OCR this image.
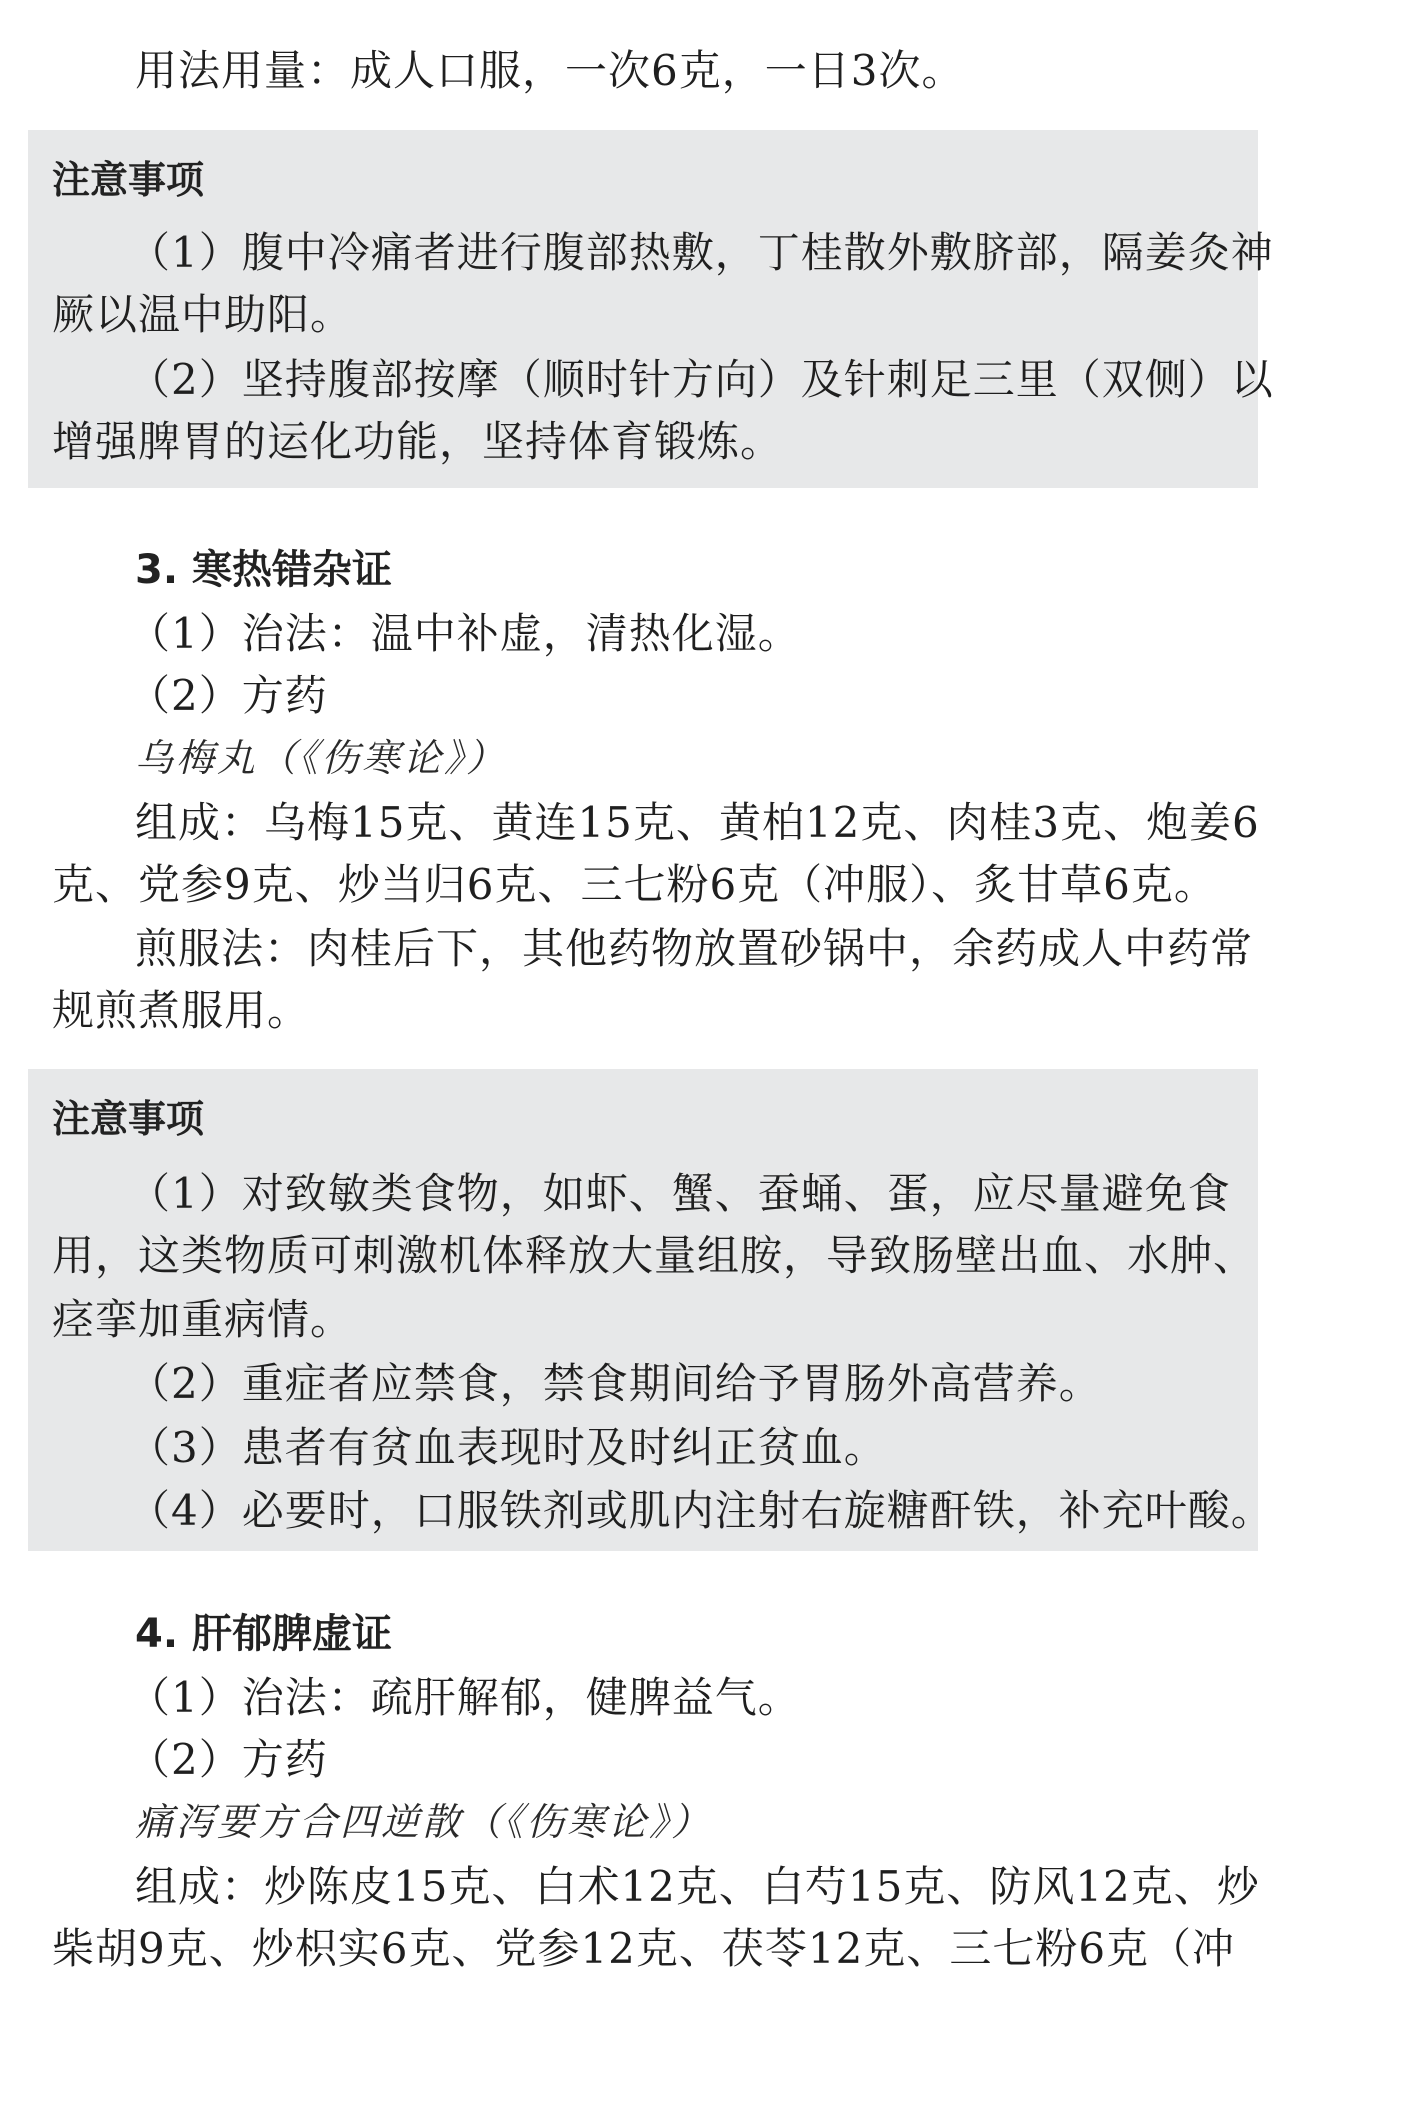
用法用量：成人口服，一次6克，一日3次。

注意事项

（1）腹中冷痛者进行腹部热敷，丁桂散外敷脐部，隔姜灸神

厥以温中助阳。

（2）坚持腹部按摩（顺时针方向）及针刺足三里（双侧）以

增强脾胃的运化功能，坚持体育锻炼。

3. 寒热错杂证

（1）治法：温中补虚，清热化湿。

（2）方药

乌梅丸（《伤寒论》）

组成：乌梅15克、黄连15克、黄柏12克、肉桂3克、炮姜6

克、党参9克、炒当归6克、三七粉6克（冲服）、炙甘草6克。

煎服法：肉桂后下，其他药物放置砂锅中，余药成人中药常

规煎煮服用。

注意事项

（1）对致敏类食物，如虾、蟹、蚕蛹、蛋，应尽量避免食

用，这类物质可刺激机体释放大量组胺，导致肠壁出血、水肿、

痉挛加重病情。

（2）重症者应禁食，禁食期间给予胃肠外高营养。

（3）患者有贫血表现时及时纠正贫血。

（4）必要时，口服铁剂或肌内注射右旋糖酐铁，补充叶酸。

4. 肝郁脾虚证

（1）治法：疏肝解郁，健脾益气。

（2）方药

痛泻要方合四逆散（《伤寒论》）

组成：炒陈皮15克、白术12克、白芍15克、防风12克、炒

柴胡9克、炒枳实6克、党参12克、茯苓12克、三七粉6克（冲
